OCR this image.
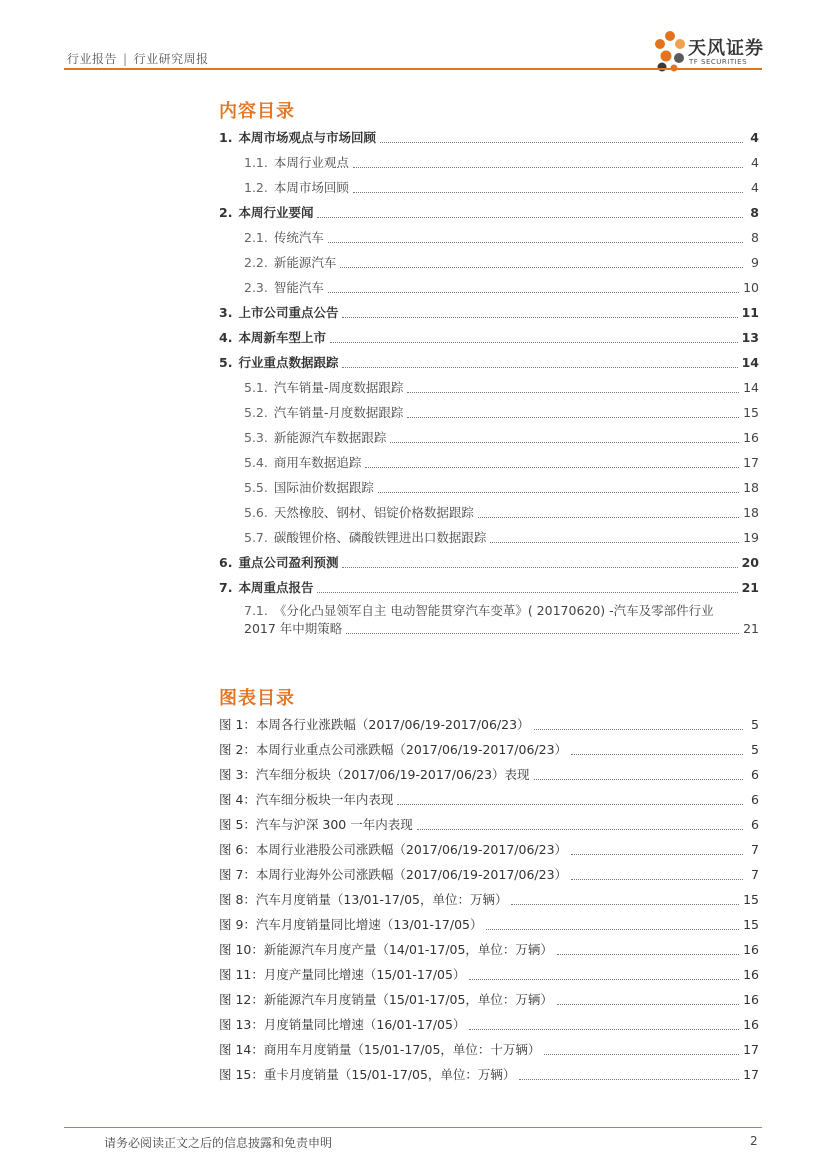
行业报告 | 行业研究周报	天风证券
TF SECURITIES
内容目录
1. 本周市场观点与市场回顾	4
1.1. 本周行业观点	4
1.2. 本周市场回顾	4
2. 本周行业要闻	8
2.1. 传统汽车	8
2.2. 新能源汽车	9
2.3. 智能汽车	10
3. 上市公司重点公告	11
4. 本周新车型上市	13
5. 行业重点数据跟踪	14
5.1. 汽车销量-周度数据跟踪	14
5.2. 汽车销量-月度数据跟踪	15
5.3. 新能源汽车数据跟踪	16
5.4. 商用车数据追踪	17
5.5. 国际油价数据跟踪	18
5.6. 天然橡胶、钢材、铝锭价格数据跟踪	18
5.7. 碳酸锂价格、磷酸铁锂进出口数据跟踪	19
6. 重点公司盈利预测	20
7. 本周重点报告	21
7.1. 《分化凸显领军自主 电动智能贯穿汽车变革》( 20170620) -汽车及零部件行业
2017 年中期策略	21
图表目录
图 1：本周各行业涨跌幅（2017/06/19-2017/06/23）	5
图 2：本周行业重点公司涨跌幅（2017/06/19-2017/06/23）	5
图 3：汽车细分板块（2017/06/19-2017/06/23）表现	6
图 4：汽车细分板块一年内表现	6
图 5：汽车与沪深 300 一年内表现	6
图 6：本周行业港股公司涨跌幅（2017/06/19-2017/06/23）	7
图 7：本周行业海外公司涨跌幅（2017/06/19-2017/06/23）	7
图 8：汽车月度销量（13/01-17/05，单位：万辆）	15
图 9：汽车月度销量同比增速（13/01-17/05）	15
图 10：新能源汽车月度产量（14/01-17/05，单位：万辆）	16
图 11：月度产量同比增速（15/01-17/05）	16
图 12：新能源汽车月度销量（15/01-17/05，单位：万辆）	16
图 13：月度销量同比增速（16/01-17/05）	16
图 14：商用车月度销量（15/01-17/05，单位：十万辆）	17
图 15：重卡月度销量（15/01-17/05，单位：万辆）	17
请务必阅读正文之后的信息披露和免责申明	2
